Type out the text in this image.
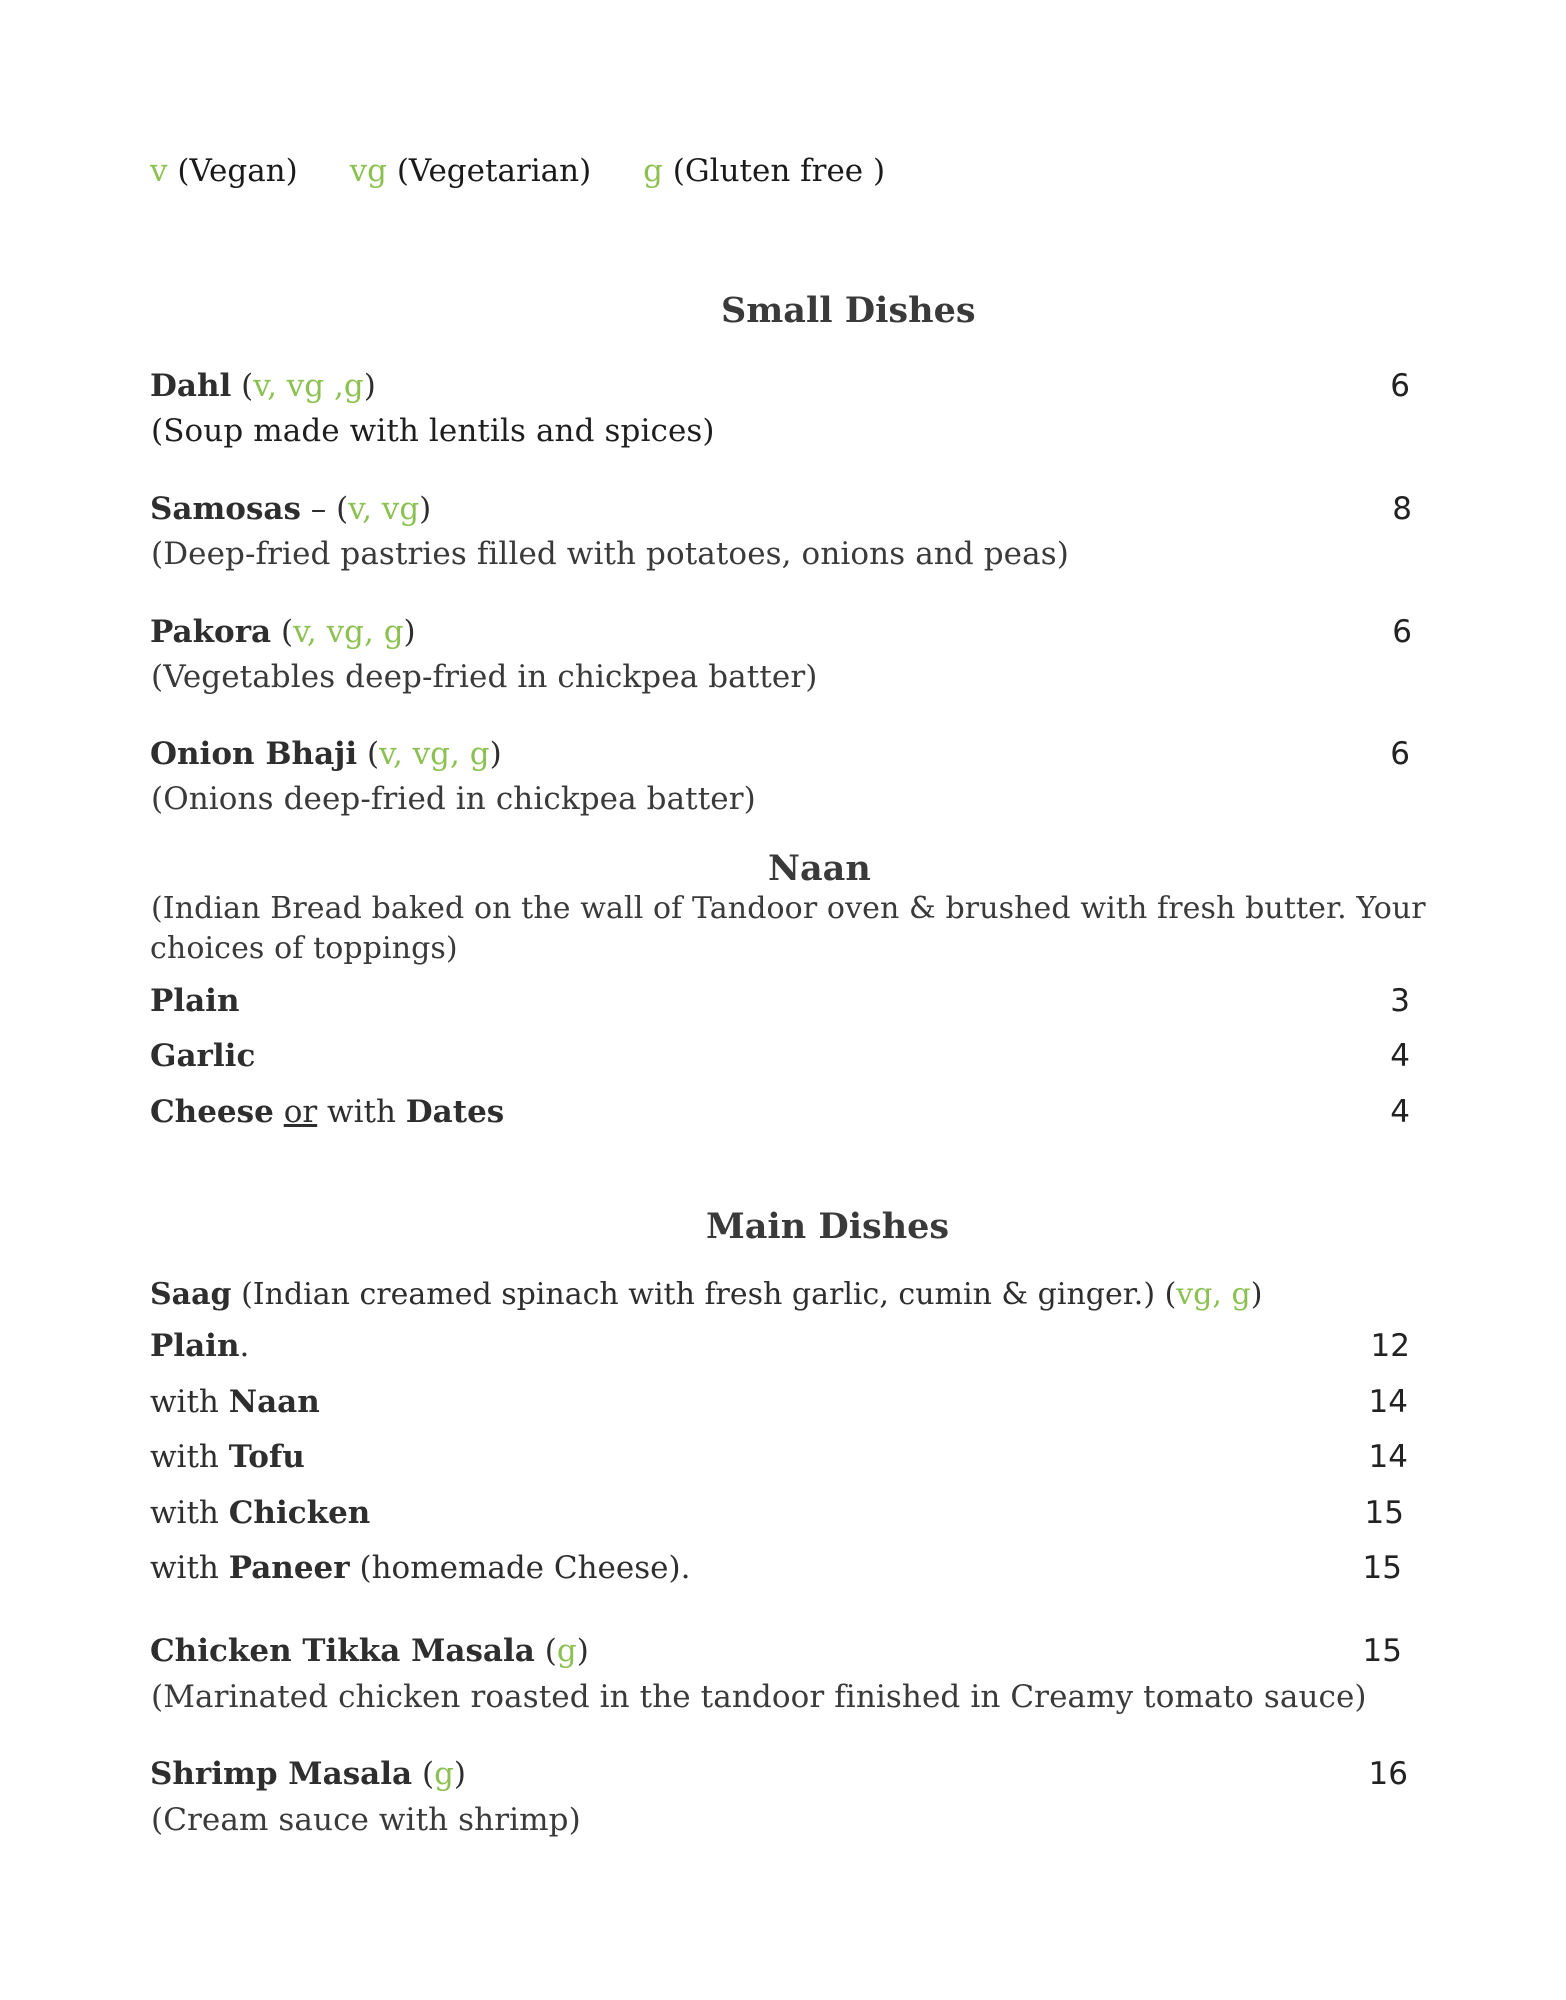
v (Vegan) vg (Vegetarian) g (Gluten free )
Small Dishes
Dahl (v, vg ,g)	6
(Soup made with lentils and spices)
Samosas – (v, vg)	8
(Deep-fried pastries filled with potatoes, onions and peas)
Pakora (v, vg, g)	6
(Vegetables deep-fried in chickpea batter)
Onion Bhaji (v, vg, g)	6
(Onions deep-fried in chickpea batter)
Naan
(Indian Bread baked on the wall of Tandoor oven & brushed with fresh butter. Your
choices of toppings)
Plain	3
Garlic	4
Cheese or with Dates	4
Main Dishes
Saag (Indian creamed spinach with fresh garlic, cumin & ginger.) (vg, g)
Plain.	12
with Naan	14
with Tofu	14
with Chicken	15
with Paneer (homemade Cheese).	15
Chicken Tikka Masala (g)	15
(Marinated chicken roasted in the tandoor finished in Creamy tomato sauce)
Shrimp Masala (g)	16
(Cream sauce with shrimp)
